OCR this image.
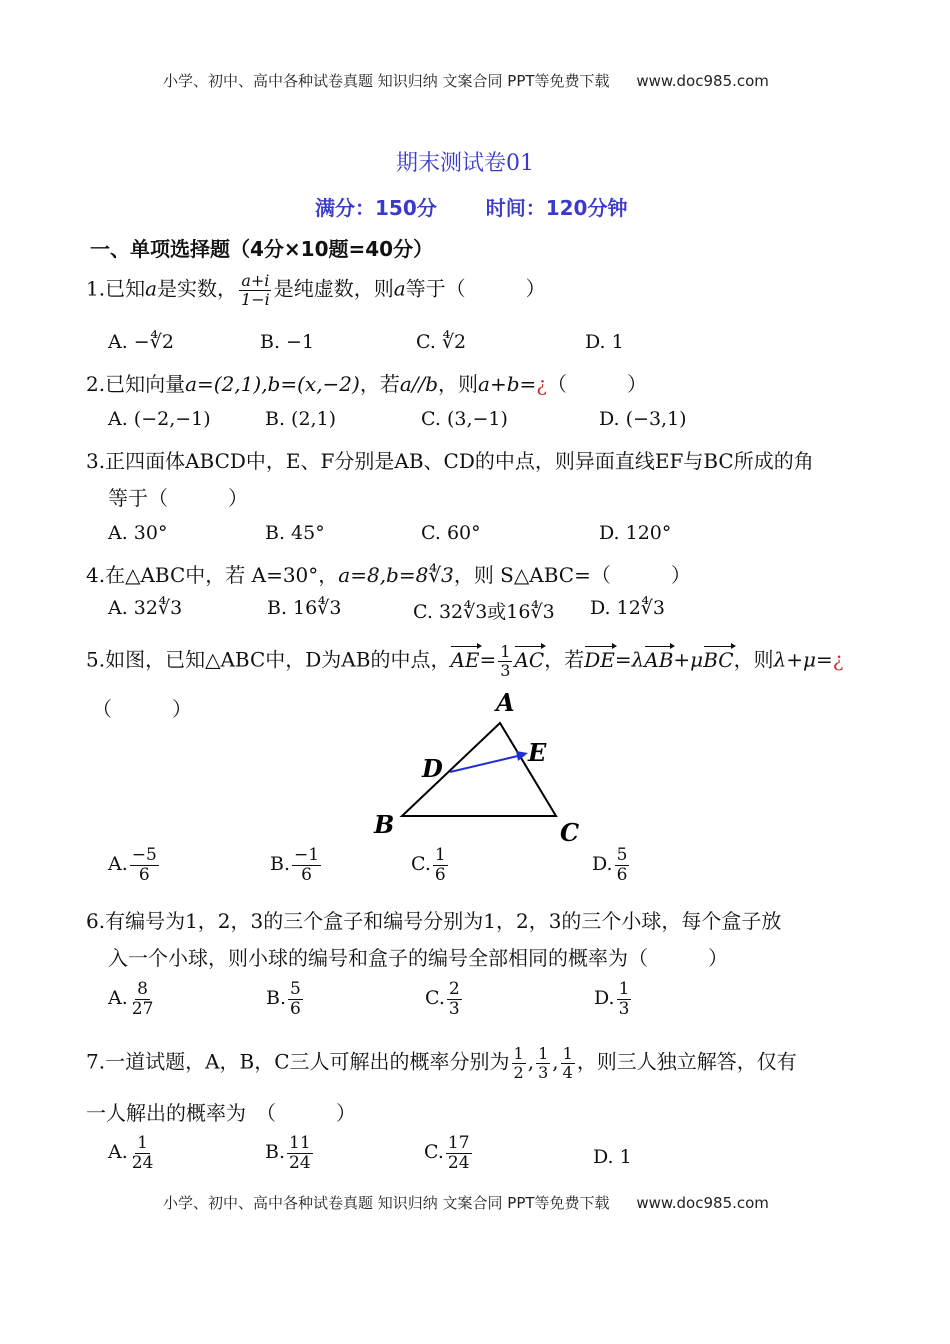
小学、初中、高中各种试卷真题 知识归纳 文案合同 PPT等免费下载 www.doc985.com
期末测试卷01
满分：150分 时间：120分钟
一、单项选择题（4分×10题=40分）
1.已知a是实数， $\frac{a+i}{1-i}$ 是纯虚数，则a等于（　　　）
A. −∜2	B. −1	C. ∜2	D. 1
2.已知向量a=(2,1),b=(x,−2)，若a//b，则a+b=¿（　　　）
A. (−2,−1)	B. (2,1)	C. (3,−1)	D. (−3,1)
3.正四面体ABCD中，E、F分别是AB、CD的中点，则异面直线EF与BC所成的角
等于（　　　）
A. 30°	B. 45°	C. 60°	D. 120°
4.在△ABC中，若 A=30°，a=8,b=8∜3，则 S△ABC=（　　　）
A. 32∜3	B. 16∜3	C. 32∜3或16∜3 D. 12∜3
5.如图，已知△ABC中，D为AB的中点，$AE= \frac{1}{3}$ AC，若DE=λAB+μBC，则λ+μ=¿
（　　　）	A
B	C
D
E
A. $\frac{-5}{6}$	B. $\frac{-1}{6}$	C. $\frac{1}{6}$	D. $\frac{5}{6}$
6.有编号为1，2，3的三个盒子和编号分别为1，2，3的三个小球，每个盒子放
入一个小球，则小球的编号和盒子的编号全部相同的概率为（　　　）
A. $\frac{8}{27}$	B. $\frac{5}{6}$	C. $\frac{2}{3}$	D. $\frac{1}{3}$
7.一道试题，A，B，C三人可解出的概率分别为 $\frac{1}{2}$ , $\frac{1}{3}$ , $\frac{1}{4}$ ，则三人独立解答，仅有
一人解出的概率为　（　　　）
A. $\frac{1}{24}$	B. $\frac{11}{24}$	C. $\frac{17}{24}$	D. 1
小学、初中、高中各种试卷真题 知识归纳 文案合同 PPT等免费下载 www.doc985.com
